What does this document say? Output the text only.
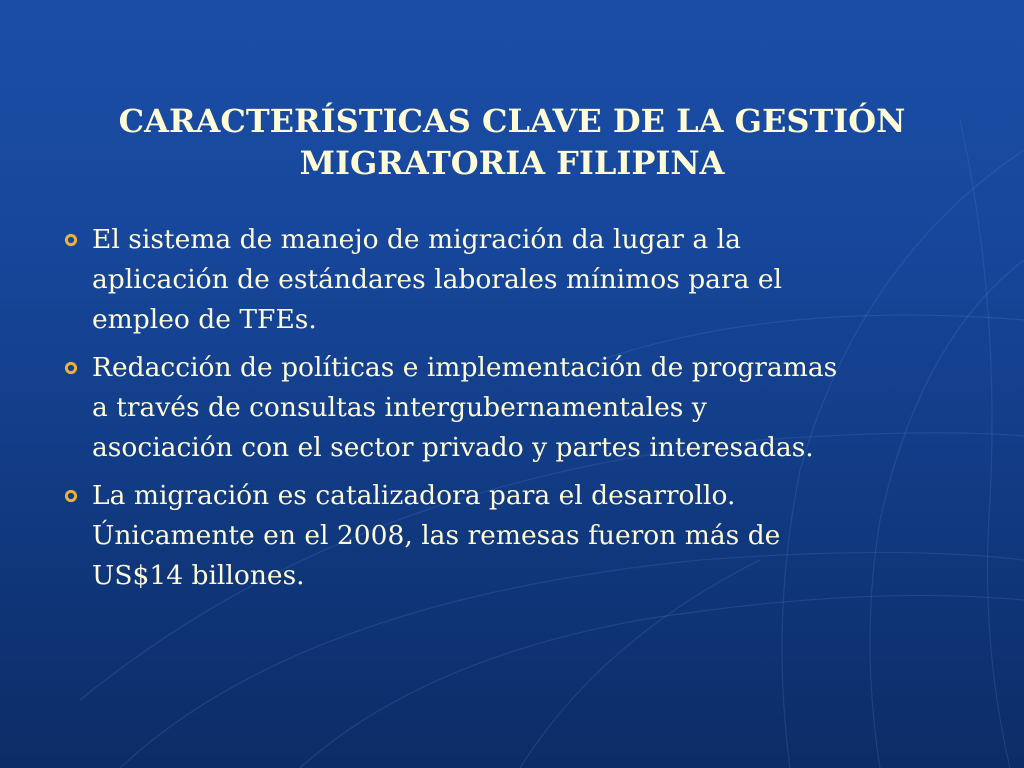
CARACTERÍSTICAS CLAVE DE LA GESTIÓN
MIGRATORIA FILIPINA
El sistema de manejo de migración da lugar a la
aplicación de estándares laborales mínimos para el
empleo de TFEs.
Redacción de políticas e implementación de programas
a través de consultas intergubernamentales y
asociación con el sector privado y partes interesadas.
La migración es catalizadora para el desarrollo.
Únicamente en el 2008, las remesas fueron más de
US$14 billones.
